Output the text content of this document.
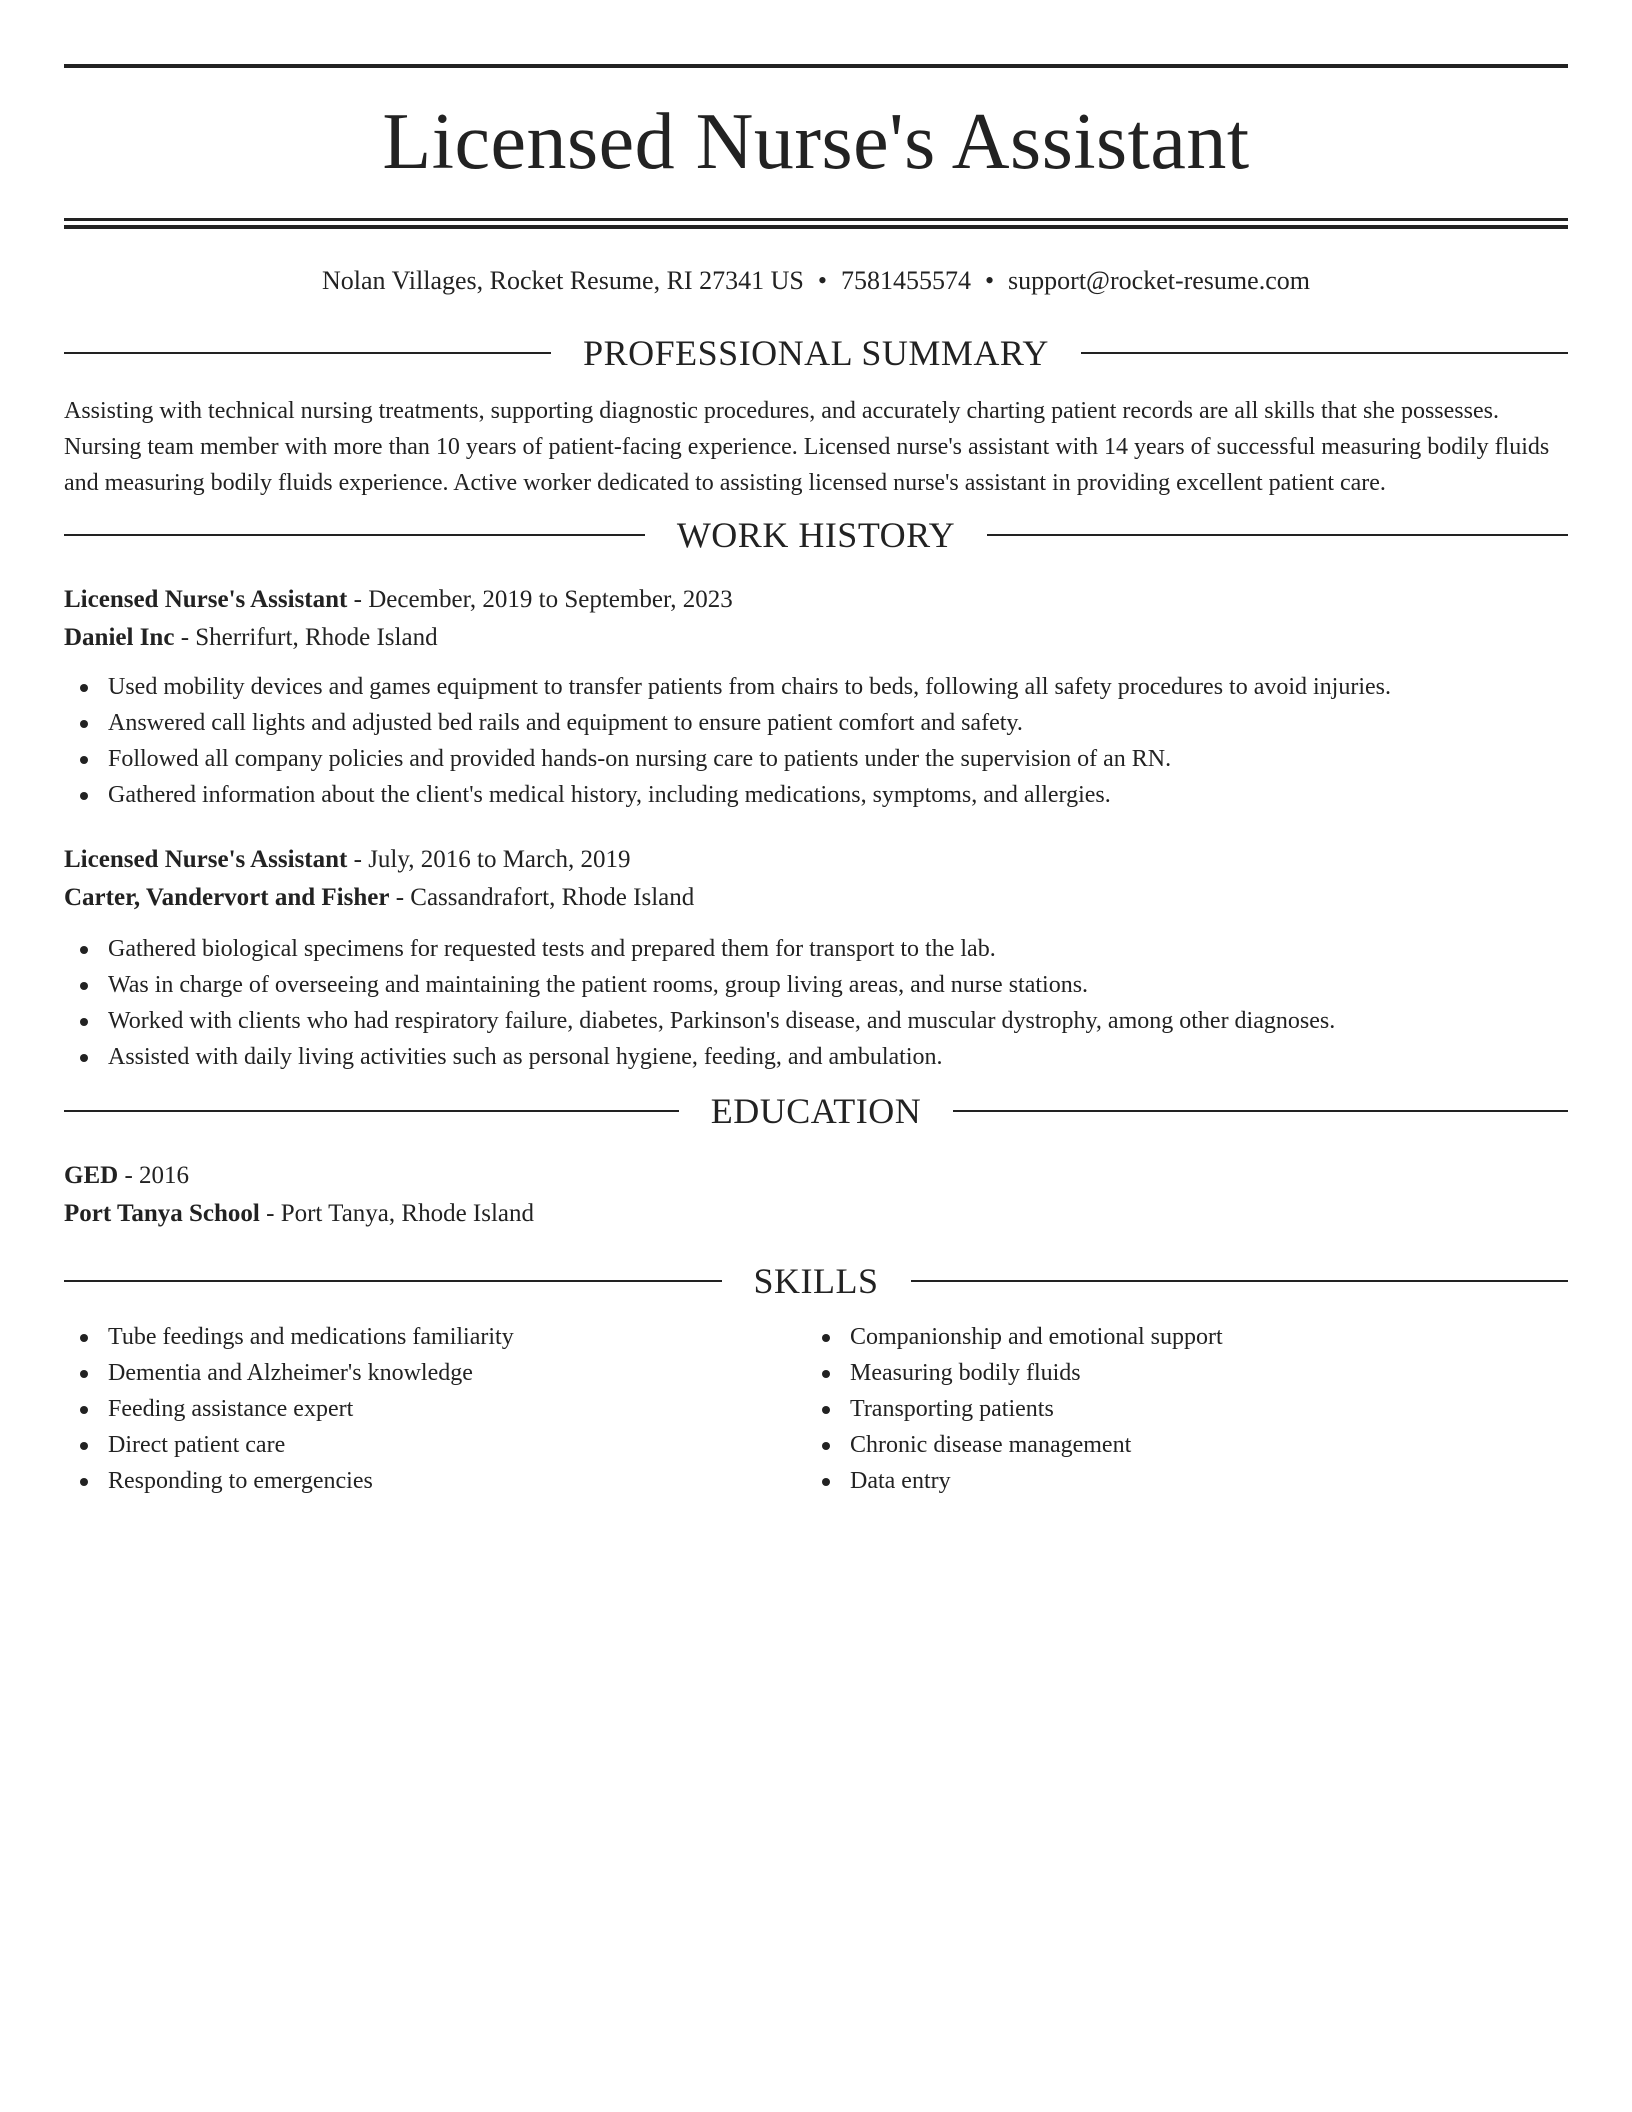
Licensed Nurse's Assistant
Nolan Villages, Rocket Resume, RI 27341 US • 7581455574 • support@rocket-resume.com
PROFESSIONAL SUMMARY

Assisting with technical nursing treatments, supporting diagnostic procedures, and accurately charting patient records are all skills that she possesses. Nursing team member with more than 10 years of patient-facing experience. Licensed nurse's assistant with 14 years of successful measuring bodily fluids and measuring bodily fluids experience. Active worker dedicated to assisting licensed nurse's assistant in providing excellent patient care.

WORK HISTORY
Licensed Nurse's Assistant - December, 2019 to September, 2023
Daniel Inc - Sherrifurt, Rhode Island
Used mobility devices and games equipment to transfer patients from chairs to beds, following all safety procedures to avoid injuries.
Answered call lights and adjusted bed rails and equipment to ensure patient comfort and safety.
Followed all company policies and provided hands-on nursing care to patients under the supervision of an RN.
Gathered information about the client's medical history, including medications, symptoms, and allergies.
Licensed Nurse's Assistant - July, 2016 to March, 2019
Carter, Vandervort and Fisher - Cassandrafort, Rhode Island
Gathered biological specimens for requested tests and prepared them for transport to the lab.
Was in charge of overseeing and maintaining the patient rooms, group living areas, and nurse stations.
Worked with clients who had respiratory failure, diabetes, Parkinson's disease, and muscular dystrophy, among other diagnoses.
Assisted with daily living activities such as personal hygiene, feeding, and ambulation.
EDUCATION
GED - 2016
Port Tanya School - Port Tanya, Rhode Island
SKILLS
Tube feedings and medications familiarity
Dementia and Alzheimer's knowledge
Feeding assistance expert
Direct patient care
Responding to emergencies
Companionship and emotional support
Measuring bodily fluids
Transporting patients
Chronic disease management
Data entry
